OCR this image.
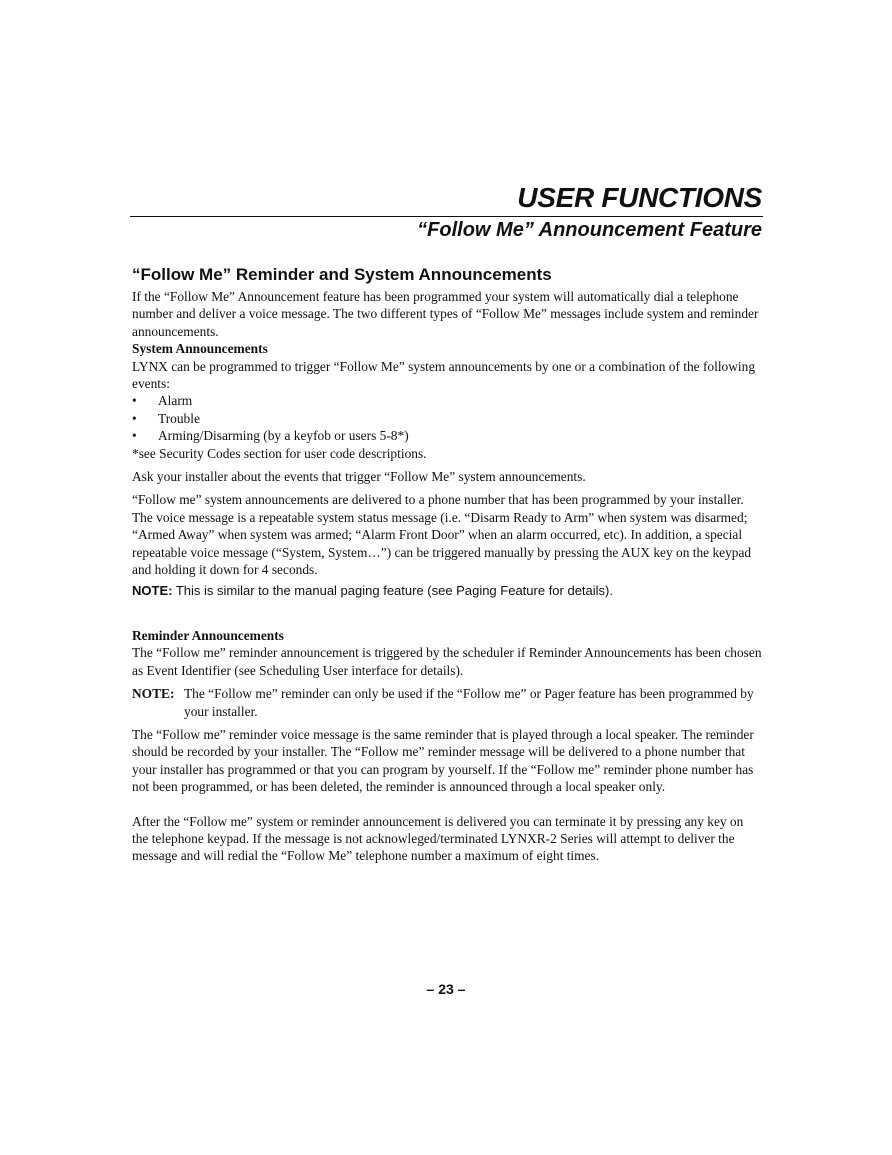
USER FUNCTIONS
“Follow Me” Announcement Feature
“Follow Me” Reminder and System Announcements

If the “Follow Me” Announcement feature has been programmed your system will automatically dial a telephone number and deliver a voice message. The two different types of “Follow Me” messages include system and reminder announcements.

System Announcements

LYNX can be programmed to trigger “Follow Me” system announcements by one or a combination of the following events:

• Alarm
• Trouble
• Arming/Disarming (by a keyfob or users 5-8*)

*see Security Codes section for user code descriptions.

Ask your installer about the events that trigger “Follow Me” system announcements.

“Follow me” system announcements are delivered to a phone number that has been programmed by your installer. The voice message is a repeatable system status message (i.e. “Disarm Ready to Arm” when system was disarmed; “Armed Away” when system was armed; “Alarm Front Door” when an alarm occurred, etc). In addition, a special repeatable voice message (“System, System…”) can be triggered manually by pressing the AUX key on the keypad and holding it down for 4 seconds.

NOTE: This is similar to the manual paging feature (see Paging Feature for details).

Reminder Announcements

The “Follow me” reminder announcement is triggered by the scheduler if Reminder Announcements has been chosen as Event Identifier (see Scheduling User interface for details).

NOTE: The “Follow me” reminder can only be used if the “Follow me” or Pager feature has been programmed by your installer.

The “Follow me” reminder voice message is the same reminder that is played through a local speaker. The reminder should be recorded by your installer. The “Follow me” reminder message will be delivered to a phone number that your installer has programmed or that you can program by yourself. If the “Follow me” reminder phone number has not been programmed, or has been deleted, the reminder is announced through a local speaker only.

After the “Follow me” system or reminder announcement is delivered you can terminate it by pressing any key on the telephone keypad. If the message is not acknowleged/terminated LYNXR-2 Series will attempt to deliver the message and will redial the “Follow Me” telephone number a maximum of eight times.

– 23 –
